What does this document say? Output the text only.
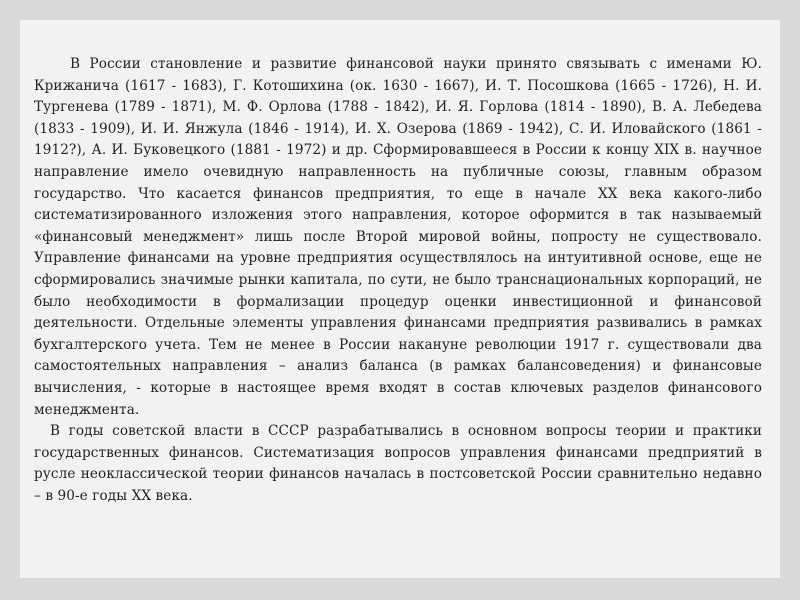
В России становление и развитие финансовой науки принято связывать с именами Ю. Крижанича (1617 - 1683), Г. Котошихина (ок. 1630 - 1667), И. Т. Посошкова (1665 - 1726), Н. И. Тургенева (1789 - 1871), М. Ф. Орлова (1788 - 1842), И. Я. Горлова (1814 - 1890), В. А. Лебедева (1833 - 1909), И. И. Янжула (1846 - 1914), И. Х. Озерова (1869 - 1942), С. И. Иловайского (1861 - 1912?), А. И. Буковецкого (1881 - 1972) и др. Сформировавшееся в России к концу XIX в. научное направление имело очевидную направленность на публичные союзы, главным образом государство. Что касается финансов предприятия, то еще в начале XX века какого-либо систематизированного изложения этого направления, которое оформится в так называемый «финансовый менеджмент» лишь после Второй мировой войны, попросту не существовало. Управление финансами на уровне предприятия осуществлялось на интуитивной основе, еще не сформировались значимые рынки капитала, по сути, не было транснациональных корпораций, не было необходимости в формализации процедур оценки инвестиционной и финансовой деятельности. Отдельные элементы управления финансами предприятия развивались в рамках бухгалтерского учета. Тем не менее в России накануне революции 1917 г. существовали два самостоятельных направления – анализ баланса (в рамках балансоведения) и финансовые вычисления, - которые в настоящее время входят в состав ключевых разделов финансового менеджмента.

В годы советской власти в СССР разрабатывались в основном вопросы теории и практики государственных финансов. Систематизация вопросов управления финансами предприятий в русле неоклассической теории финансов началась в постсоветской России сравнительно недавно – в 90-е годы XX века.
